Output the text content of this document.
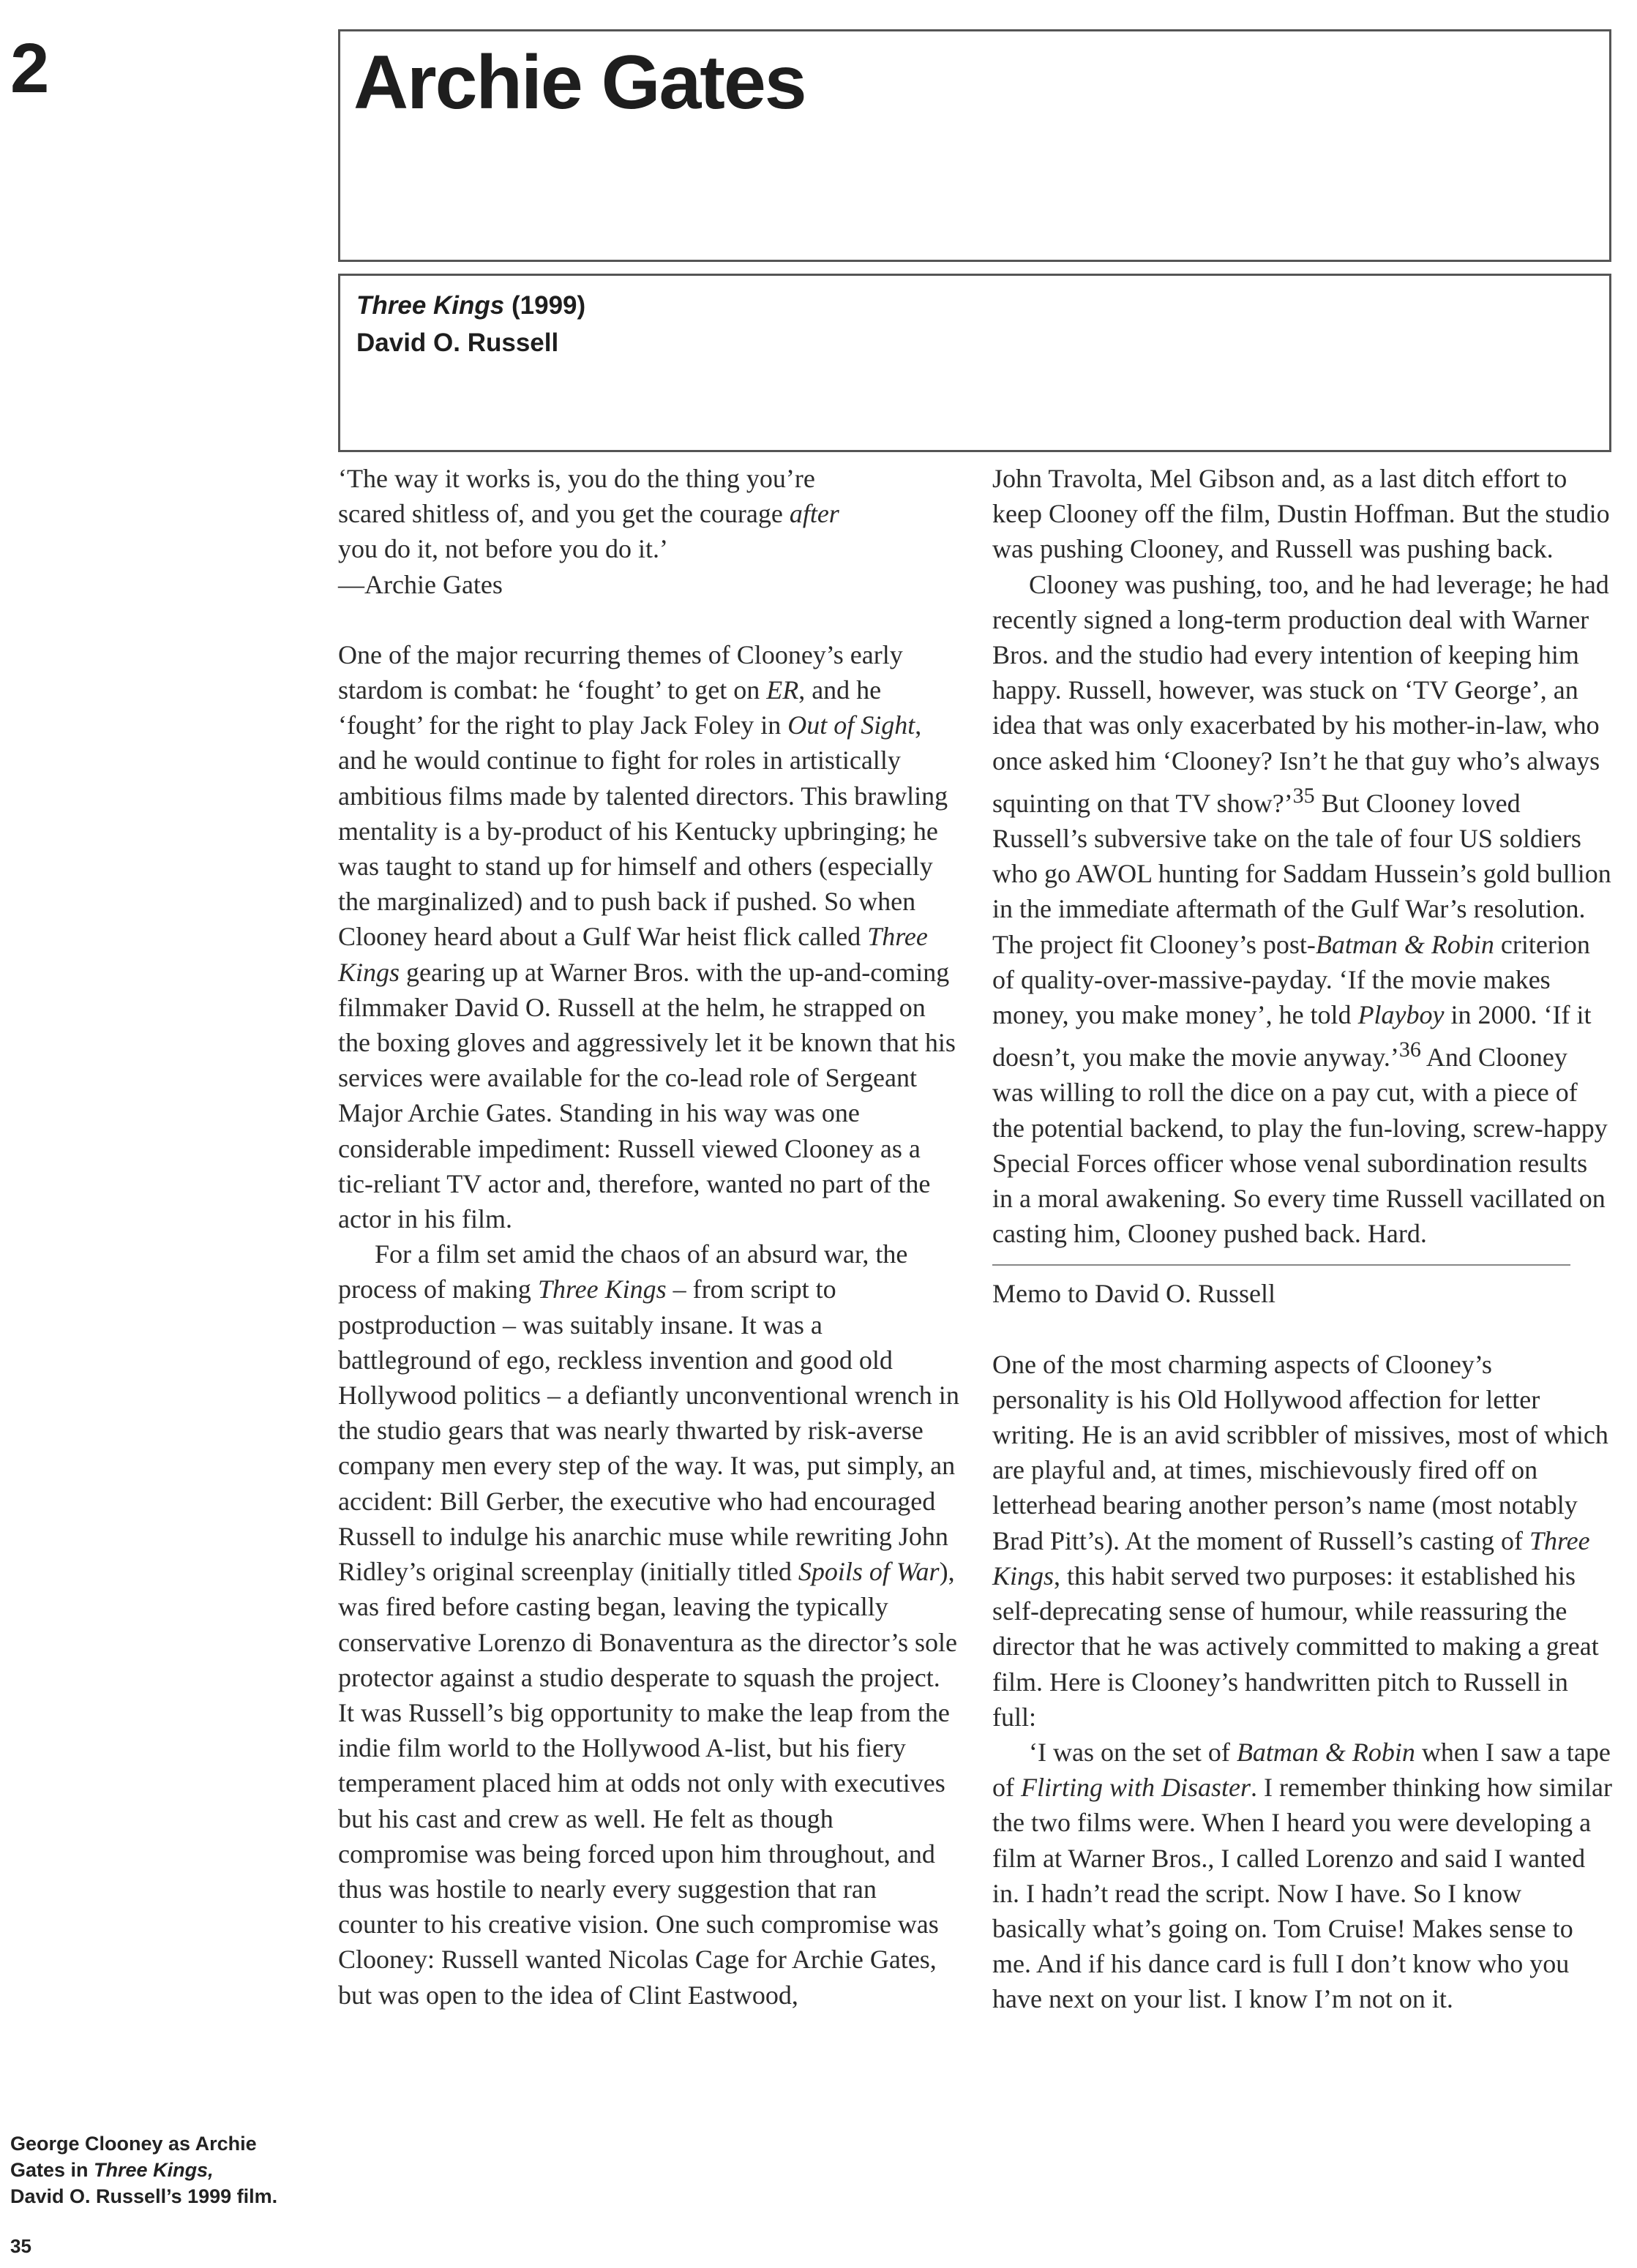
2	Archie Gates
Three Kings (1999)
David O. Russell
‘The way it works is, you do the thing you’re
scared shitless of, and you get the courage after
you do it, not before you do it.’
—Archie Gates

One of the major recurring themes of Clooney’s early stardom is combat: he ‘fought’ to get on ER, and he ‘fought’ for the right to play Jack Foley in Out of Sight, and he would continue to fight for roles in artistically ambitious films made by talented directors. This brawling mentality is a by-product of his Kentucky upbringing; he was taught to stand up for himself and others (especially the marginalized) and to push back if pushed. So when Clooney heard about a Gulf War heist flick called Three Kings gearing up at Warner Bros. with the up-and-coming filmmaker David O. Russell at the helm, he strapped on the boxing gloves and aggressively let it be known that his services were available for the co-lead role of Sergeant Major Archie Gates. Standing in his way was one considerable impediment: Russell viewed Clooney as a tic-reliant TV actor and, therefore, wanted no part of the actor in his film.

For a film set amid the chaos of an absurd war, the process of making Three Kings – from script to postproduction – was suitably insane. It was a battleground of ego, reckless invention and good old Hollywood politics – a defiantly unconventional wrench in the studio gears that was nearly thwarted by risk-averse company men every step of the way. It was, put simply, an accident: Bill Gerber, the executive who had encouraged Russell to indulge his anarchic muse while rewriting John Ridley’s original screenplay (initially titled Spoils of War), was fired before casting began, leaving the typically conservative Lorenzo di Bonaventura as the director’s sole protector against a studio desperate to squash the project. It was Russell’s big opportunity to make the leap from the indie film world to the Hollywood A-list, but his fiery temperament placed him at odds not only with executives but his cast and crew as well. He felt as though compromise was being forced upon him throughout, and thus was hostile to nearly every suggestion that ran counter to his creative vision. One such compromise was Clooney: Russell wanted Nicolas Cage for Archie Gates, but was open to the idea of Clint Eastwood,

John Travolta, Mel Gibson and, as a last ditch effort to keep Clooney off the film, Dustin Hoffman. But the studio was pushing Clooney, and Russell was pushing back.

Clooney was pushing, too, and he had leverage; he had recently signed a long-term production deal with Warner Bros. and the studio had every intention of keeping him happy. Russell, however, was stuck on ‘TV George’, an idea that was only exacerbated by his mother-in-law, who once asked him ‘Clooney? Isn’t he that guy who’s always squinting on that TV show?’$^{35}$ But Clooney loved Russell’s subversive take on the tale of four US soldiers who go AWOL hunting for Saddam Hussein’s gold bullion in the immediate aftermath of the Gulf War’s resolution. The project fit Clooney’s post-Batman & Robin criterion of quality-over-massive-payday. ‘If the movie makes money, you make money’, he told Playboy in 2000. ‘If it doesn’t, you make the movie anyway.’$^{36}$ And Clooney was willing to roll the dice on a pay cut, with a piece of the potential backend, to play the fun-loving, screw-happy Special Forces officer whose venal subordination results in a moral awakening. So every time Russell vacillated on casting him, Clooney pushed back. Hard.

Memo to David O. Russell

One of the most charming aspects of Clooney’s personality is his Old Hollywood affection for letter writing. He is an avid scribbler of missives, most of which are playful and, at times, mischievously fired off on letterhead bearing another person’s name (most notably Brad Pitt’s). At the moment of Russell’s casting of Three Kings, this habit served two purposes: it established his self-deprecating sense of humour, while reassuring the director that he was actively committed to making a great film. Here is Clooney’s handwritten pitch to Russell in full:

‘I was on the set of Batman & Robin when I saw a tape of Flirting with Disaster. I remember thinking how similar the two films were. When I heard you were developing a film at Warner Bros., I called Lorenzo and said I wanted in. I hadn’t read the script. Now I have. So I know basically what’s going on. Tom Cruise! Makes sense to me. And if his dance card is full I don’t know who you have next on your list. I know I’m not on it.

George Clooney as Archie
Gates in Three Kings,
David O. Russell’s 1999 film.
35
